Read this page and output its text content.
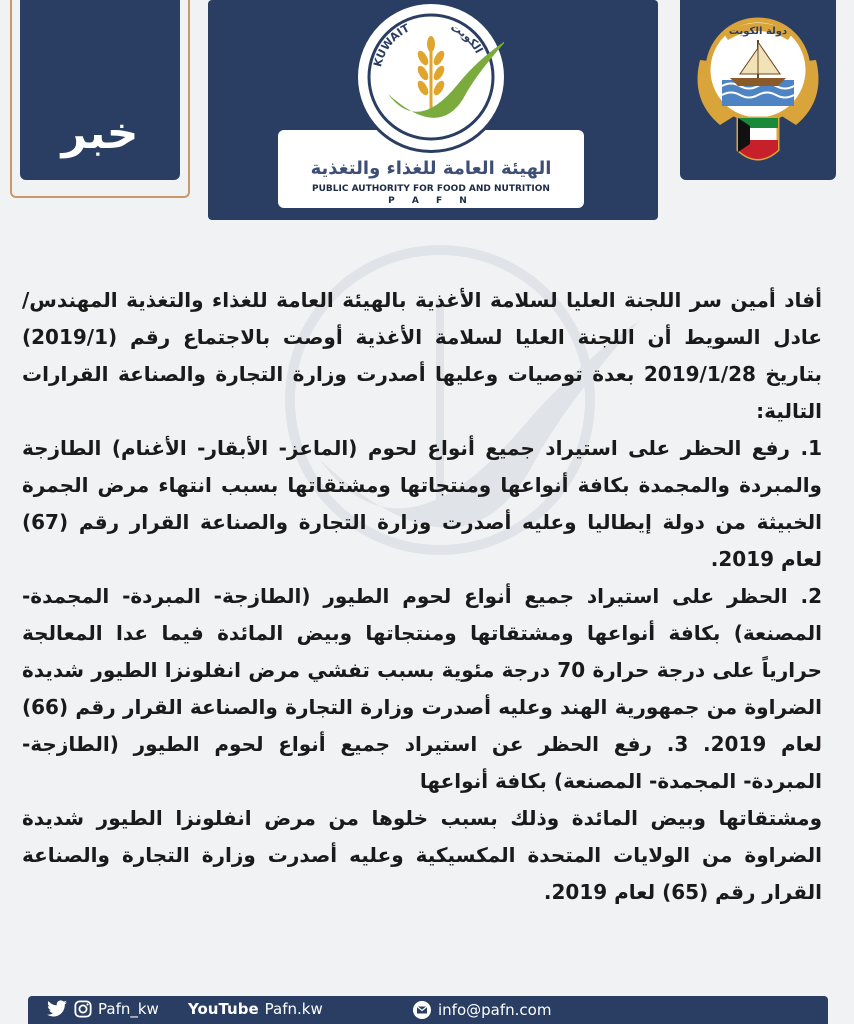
خبر
الهيئة العامة للغذاء والتغذية
PUBLIC AUTHORITY FOR FOOD AND NUTRITION
P A F N
KUWAIT	الكويت
دولة الكويت

أفاد أمين سر اللجنة العليا لسلامة الأغذية بالهيئة العامة للغذاء والتغذية المهندس/ عادل السويط أن اللجنة العليا لسلامة الأغذية أوصت بالاجتماع رقم (2019/1) بتاريخ 2019/1/28 بعدة توصيات وعليها أصدرت وزارة التجارة والصناعة القرارات التالية:

1. رفع الحظر على استيراد جميع أنواع لحوم (الماعز- الأبقار- الأغنام) الطازجة والمبردة والمجمدة بكافة أنواعها ومنتجاتها ومشتقاتها بسبب انتهاء مرض الجمرة الخبيثة من دولة إيطاليا وعليه أصدرت وزارة التجارة والصناعة القرار رقم (67) لعام 2019.

2. الحظر على استيراد جميع أنواع لحوم الطيور (الطازجة- المبردة- المجمدة- المصنعة) بكافة أنواعها ومشتقاتها ومنتجاتها وبيض المائدة فيما عدا المعالجة حرارياً على درجة حرارة 70 درجة مئوية بسبب تفشي مرض انفلونزا الطيور شديدة الضراوة من جمهورية الهند وعليه أصدرت وزارة التجارة والصناعة القرار رقم (66) لعام 2019. 3. رفع الحظر عن استيراد جميع أنواع لحوم الطيور (الطازجة- المبردة- المجمدة- المصنعة) بكافة أنواعها

ومشتقاتها وبيض المائدة وذلك بسبب خلوها من مرض انفلونزا الطيور شديدة الضراوة من الولايات المتحدة المكسيكية وعليه أصدرت وزارة التجارة والصناعة القرار رقم (65) لعام 2019.

Pafn_kw YouTube Pafn.kw	info@pafn.com
